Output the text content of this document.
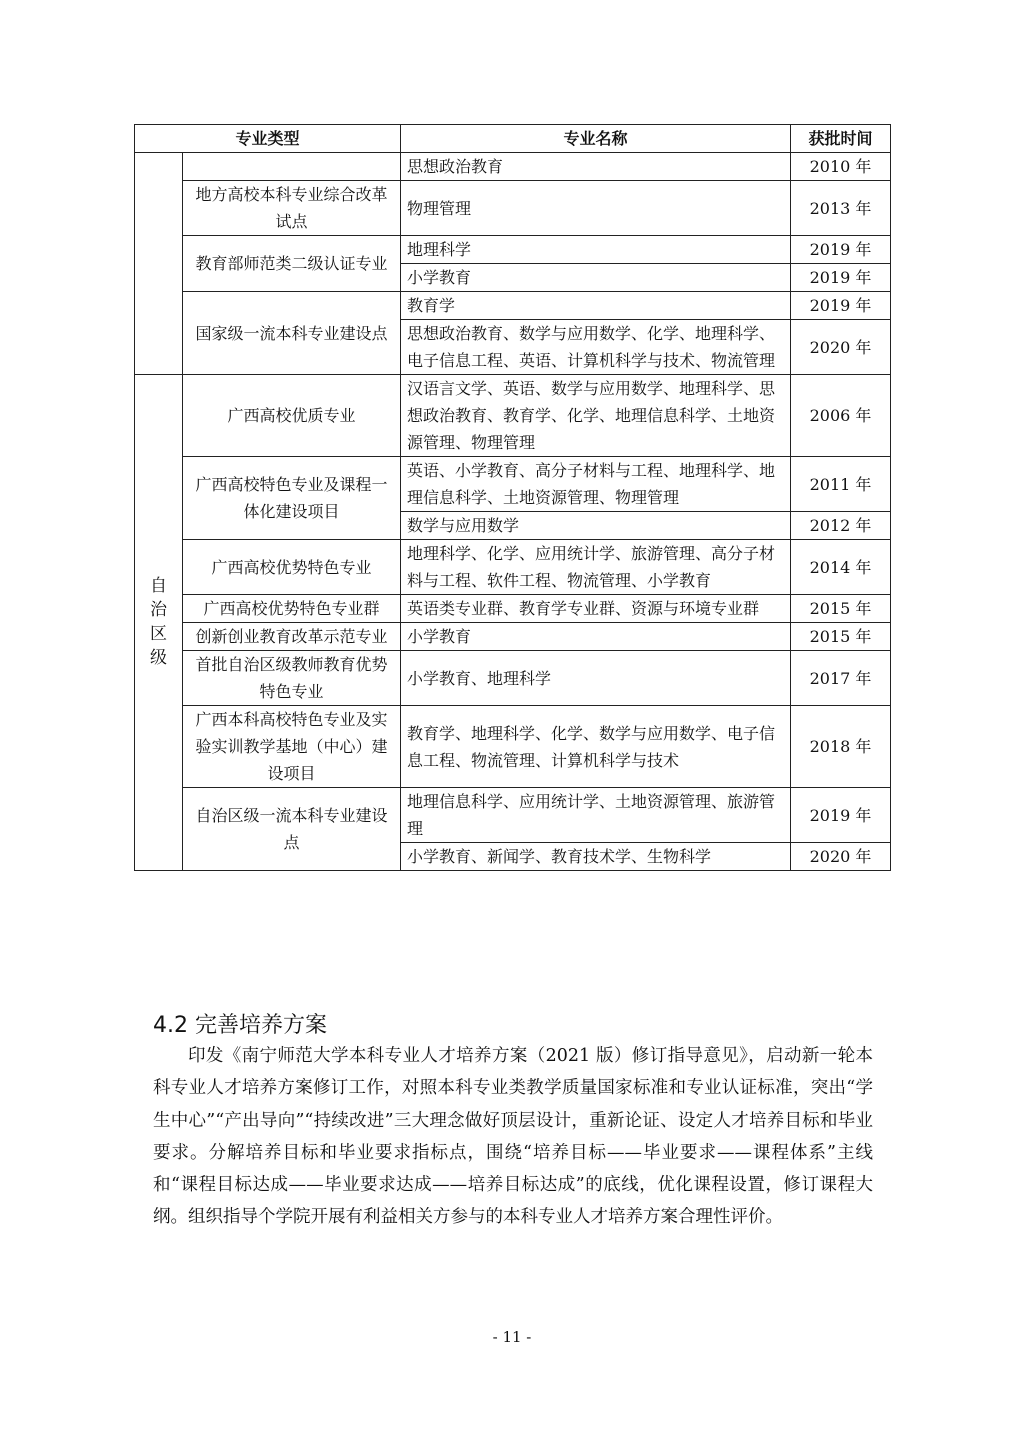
专业类型		专业名称	获批时间
		思想政治教育	2010 年
	地方高校本科专业综合改革试点	物理管理	2013 年
	教育部师范类二级认证专业	地理科学	2019 年
		小学教育	2019 年
	国家级一流本科专业建设点	教育学	2019 年
		思想政治教育、数学与应用数学、化学、地理科学、电子信息工程、英语、计算机科学与技术、物流管理	2020 年
自治区级	广西高校优质专业	汉语言文学、英语、数学与应用数学、地理科学、思想政治教育、教育学、化学、地理信息科学、土地资源管理、物理管理	2006 年
	广西高校特色专业及课程一体化建设项目	英语、小学教育、高分子材料与工程、地理科学、地理信息科学、土地资源管理、物理管理	2011 年
		数学与应用数学	2012 年
	广西高校优势特色专业	地理科学、化学、应用统计学、旅游管理、高分子材料与工程、软件工程、物流管理、小学教育	2014 年
	广西高校优势特色专业群	英语类专业群、教育学专业群、资源与环境专业群	2015 年
	创新创业教育改革示范专业	小学教育	2015 年
	首批自治区级教师教育优势特色专业	小学教育、地理科学	2017 年
	广西本科高校特色专业及实验实训教学基地（中心）建设项目	教育学、地理科学、化学、数学与应用数学、电子信息工程、物流管理、计算机科学与技术	2018 年
	自治区级一流本科专业建设点	地理信息科学、应用统计学、土地资源管理、旅游管理	2019 年
		小学教育、新闻学、教育技术学、生物科学	2020 年
4.2 完善培养方案

印发《南宁师范大学本科专业人才培养方案（2021 版）修订指导意见》，启动新一轮本科专业人才培养方案修订工作，对照本科专业类教学质量国家标准和专业认证标准，突出“学生中心”“产出导向”“持续改进”三大理念做好顶层设计，重新论证、设定人才培养目标和毕业要求。分解培养目标和毕业要求指标点，围绕“培养目标——毕业要求——课程体系”主线和“课程目标达成——毕业要求达成——培养目标达成”的底线，优化课程设置，修订课程大纲。组织指导个学院开展有利益相关方参与的本科专业人才培养方案合理性评价。

- 11 -
